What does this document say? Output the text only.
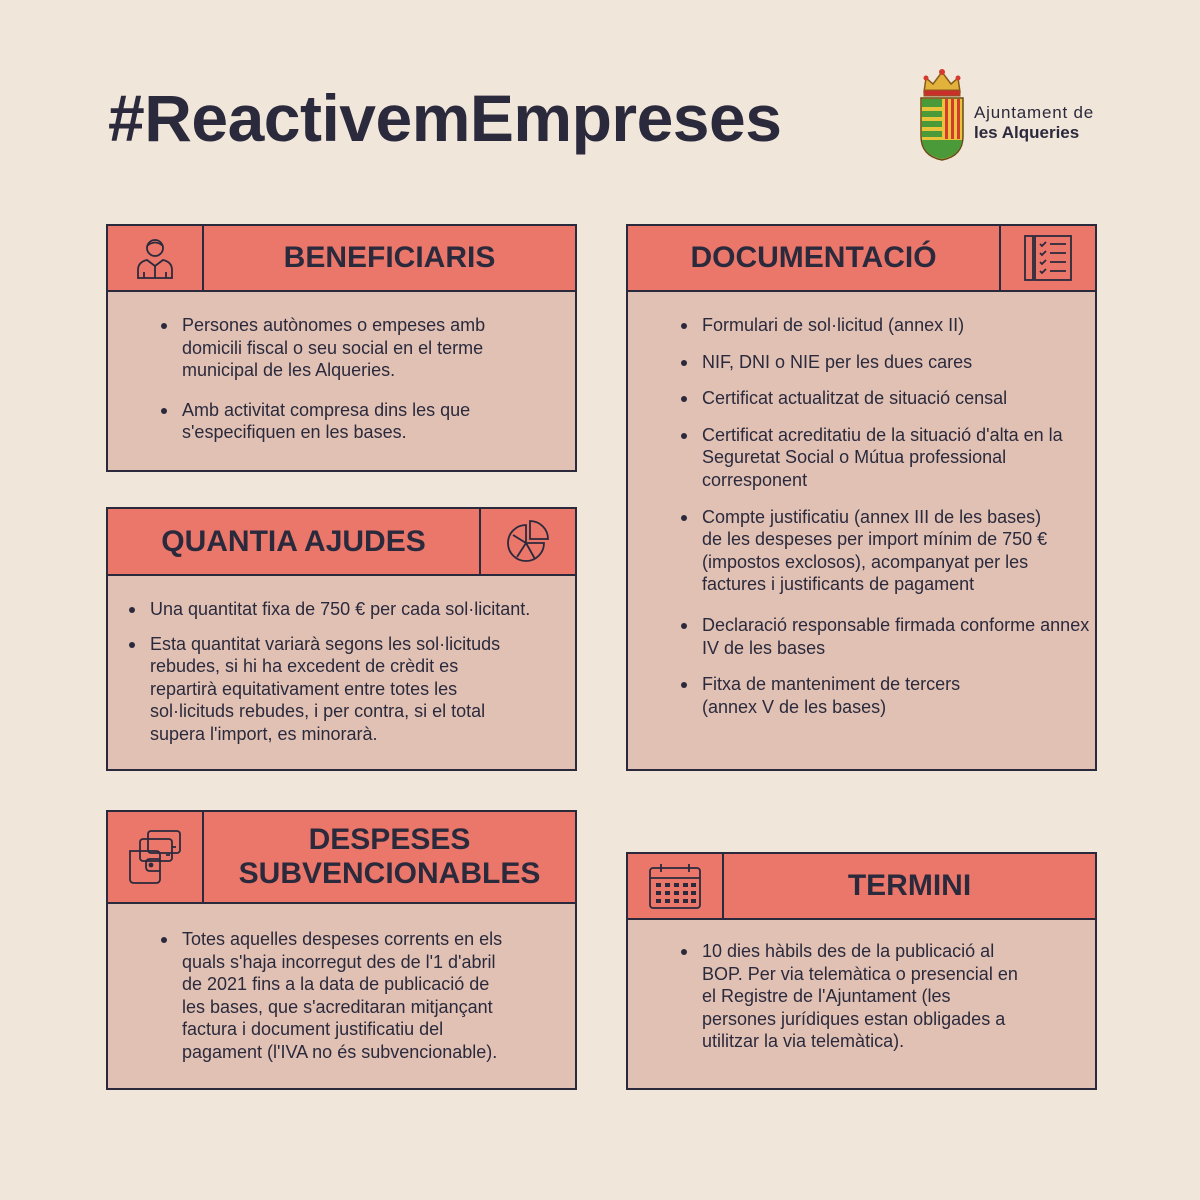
#ReactivemEmpreses	Ajuntament de
les Alqueries
BENEFICIARIS
Persones autònomes o empeses amb domicili fiscal o seu social en el terme municipal de les Alqueries.
Amb activitat compresa dins les que s'especifiquen en les bases.
QUANTIA AJUDES
Una quantitat fixa de 750 € per cada sol·licitant.
Esta quantitat variarà segons les sol·licituds rebudes, si hi ha excedent de crèdit es repartirà equitativament entre totes les sol·licituds rebudes, i per contra, si el total supera l'import, es minorarà.
DESPESES
SUBVENCIONABLES
Totes aquelles despeses corrents en els quals s'haja incorregut des de l'1 d'abril de 2021 fins a la data de publicació de les bases, que s'acreditaran mitjançant factura i document justificatiu del pagament (l'IVA no és subvencionable).
DOCUMENTACIÓ
Formulari de sol·licitud (annex II)
NIF, DNI o NIE per les dues cares
Certificat actualitzat de situació censal
Certificat acreditatiu de la situació d'alta en la Seguretat Social o Mútua professional corresponent
Compte justificatiu (annex III de les bases) de les despeses per import mínim de 750 € (impostos exclosos), acompanyat per les factures i justificants de pagament
Declaració responsable firmada conforme annex IV de les bases
Fitxa de manteniment de tercers (annex V de les bases)
TERMINI
10 dies hàbils des de la publicació al BOP. Per via telemàtica o presencial en el Registre de l'Ajuntament (les persones jurídiques estan obligades a utilitzar la via telemàtica).
